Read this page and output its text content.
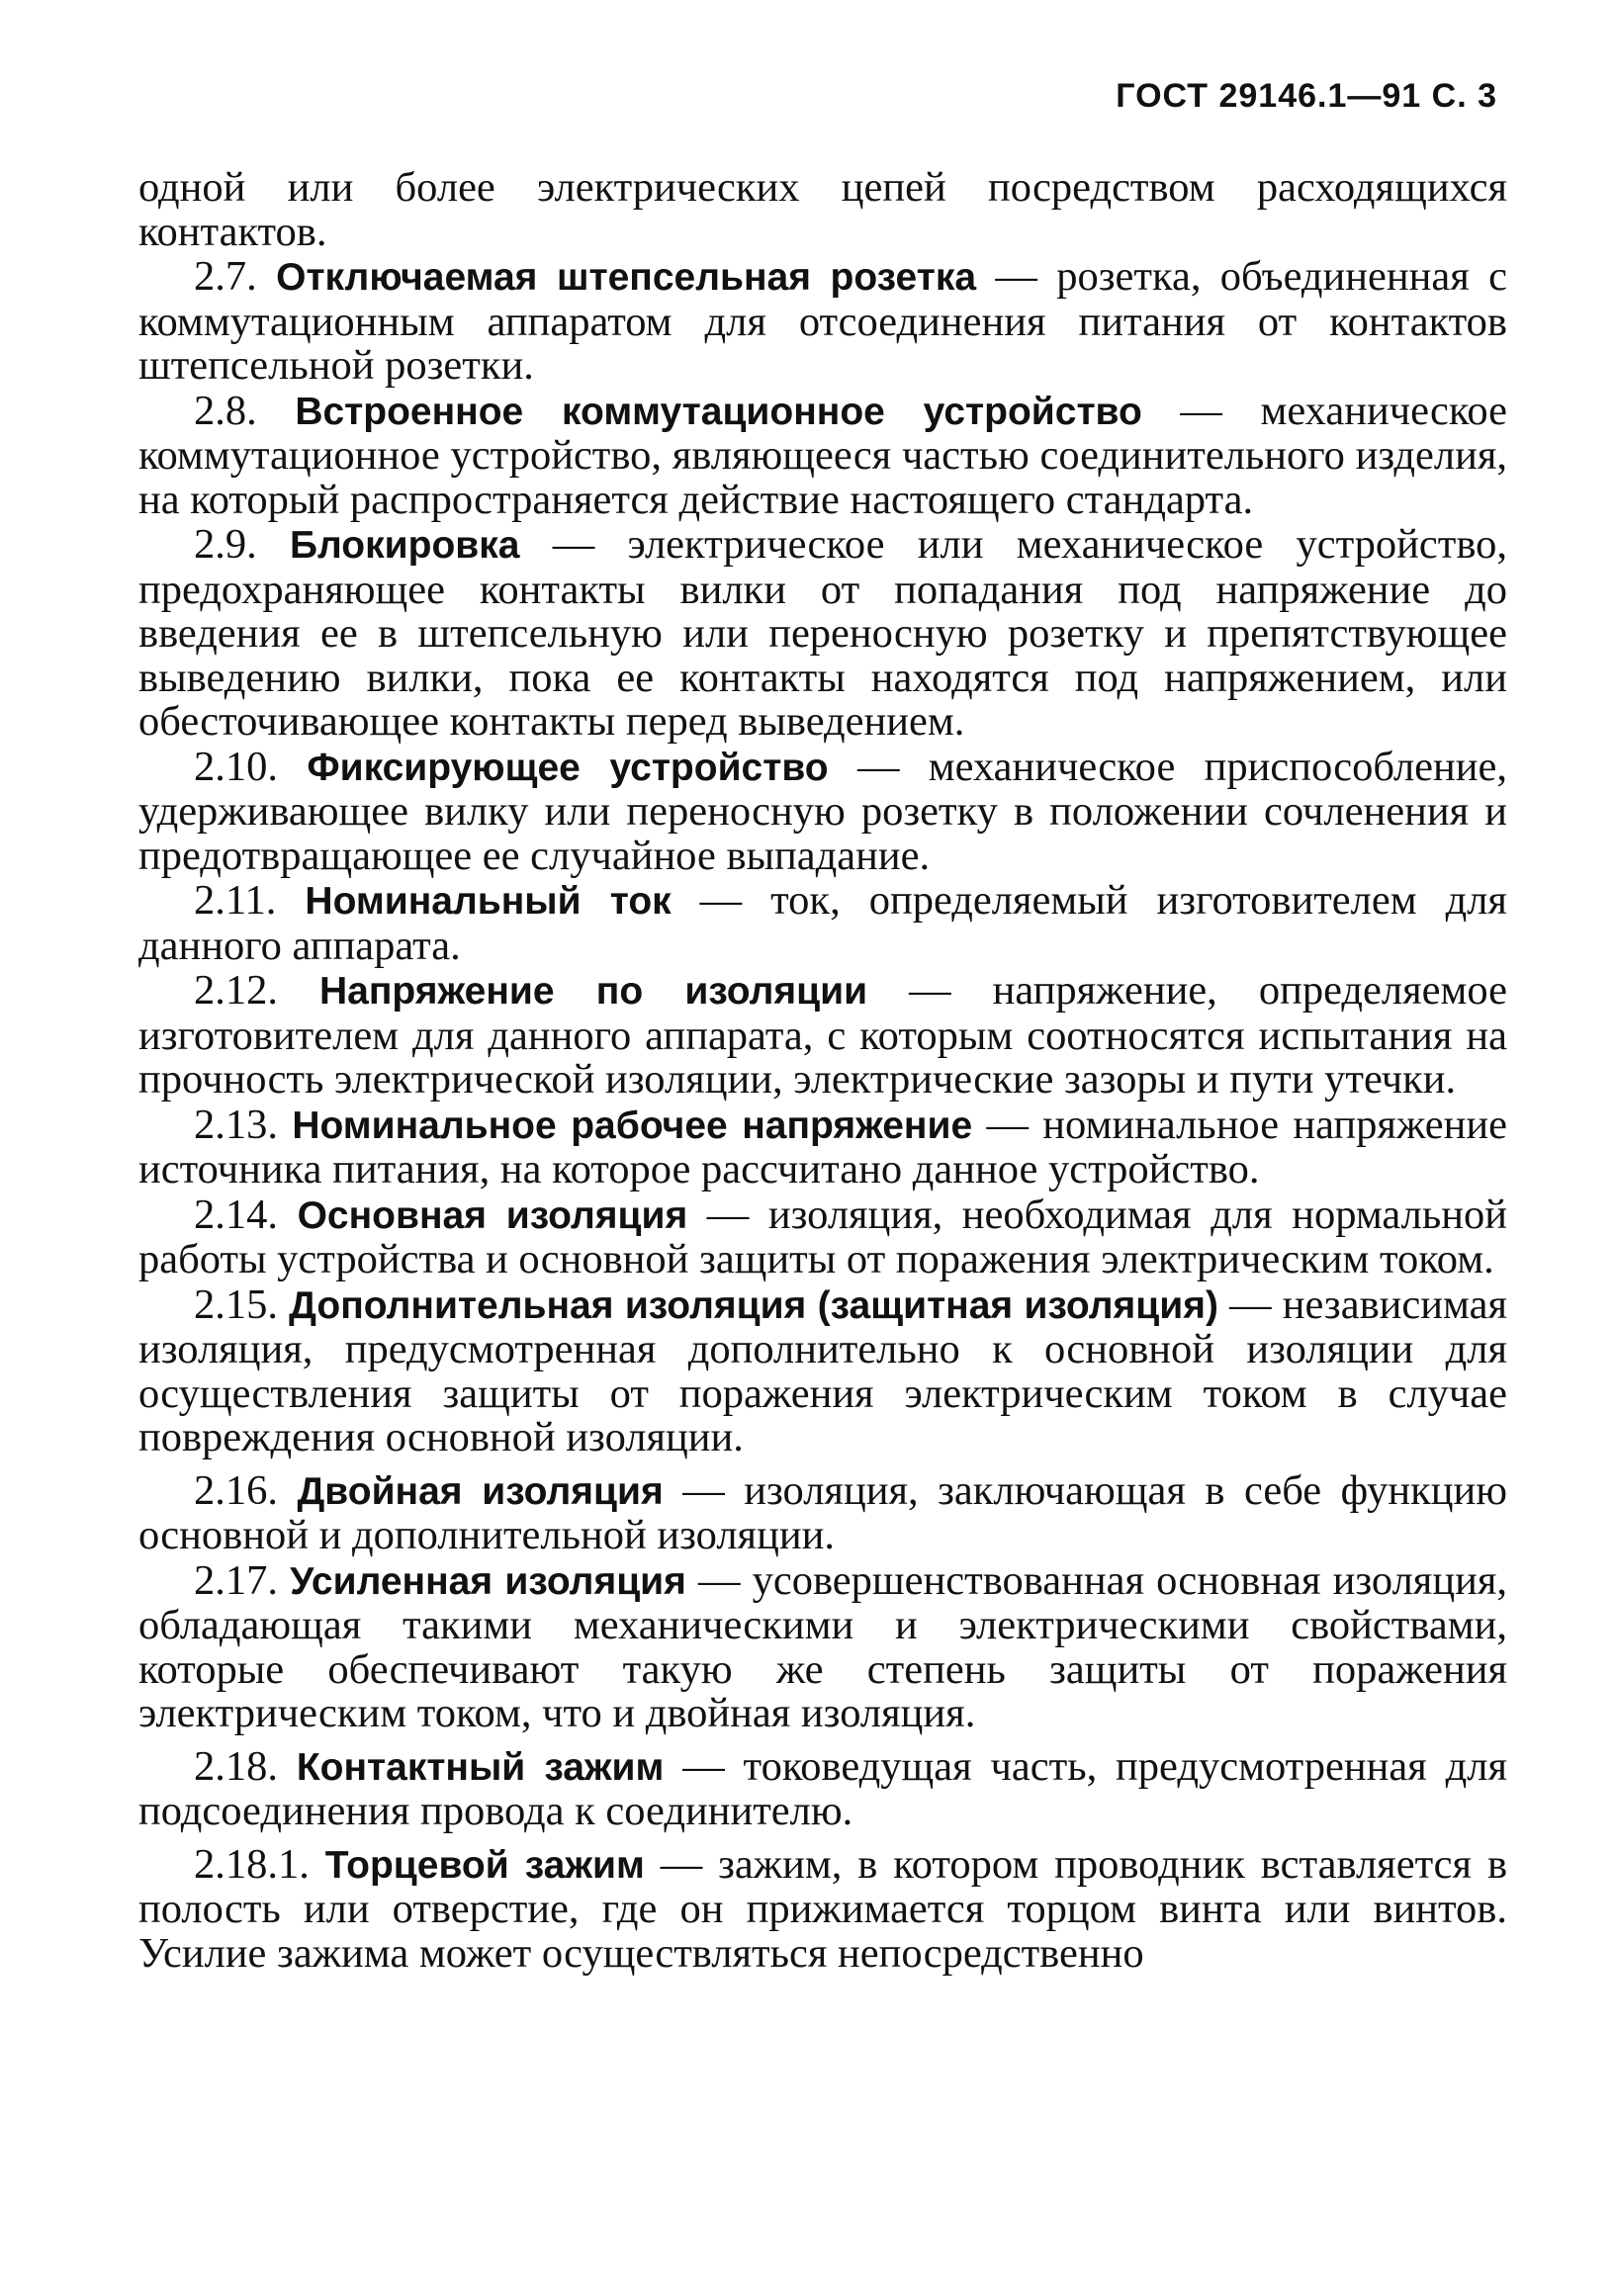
ГОСТ 29146.1—91 С. 3

одной или более электрических цепей посредством расходящихся контактов.

2.7. Отключаемая штепсельная розетка — розетка, объединенная с коммутационным аппаратом для отсоединения питания от контактов штепсельной розетки.

2.8. Встроенное коммутационное устройство — механическое коммутационное устройство, являющееся частью соединительного изделия, на который распространяется действие настоящего стандарта.

2.9. Блокировка — электрическое или механическое устройство, предохраняющее контакты вилки от попадания под напряжение до введения ее в штепсельную или переносную розетку и препятствующее выведению вилки, пока ее контакты находятся под напряжением, или обесточивающее контакты перед выведением.

2.10. Фиксирующее устройство — механическое приспособление, удерживающее вилку или переносную розетку в положении сочленения и предотвращающее ее случайное выпадание.

2.11. Номинальный ток — ток, определяемый изготовителем для данного аппарата.

2.12. Напряжение по изоляции — напряжение, определяемое изготовителем для данного аппарата, с которым соотносятся испытания на прочность электрической изоляции, электрические зазоры и пути утечки.

2.13. Номинальное рабочее напряжение — номинальное напряжение источника питания, на которое рассчитано данное устройство.

2.14. Основная изоляция — изоляция, необходимая для нормальной работы устройства и основной защиты от поражения электрическим током.

2.15. Дополнительная изоляция (защитная изоляция) — независимая изоляция, предусмотренная дополнительно к основной изоляции для осуществления защиты от поражения электрическим током в случае повреждения основной изоляции.

2.16. Двойная изоляция — изоляция, заключающая в себе функцию основной и дополнительной изоляции.

2.17. Усиленная изоляция — усовершенствованная основная изоляция, обладающая такими механическими и электрическими свойствами, которые обеспечивают такую же степень защиты от поражения электрическим током, что и двойная изоляция.

2.18. Контактный зажим — токоведущая часть, предусмотренная для подсоединения провода к соединителю.

2.18.1. Торцевой зажим — зажим, в котором проводник вставляется в полость или отверстие, где он прижимается торцом винта или винтов. Усилие зажима может осуществляться непосредственно
